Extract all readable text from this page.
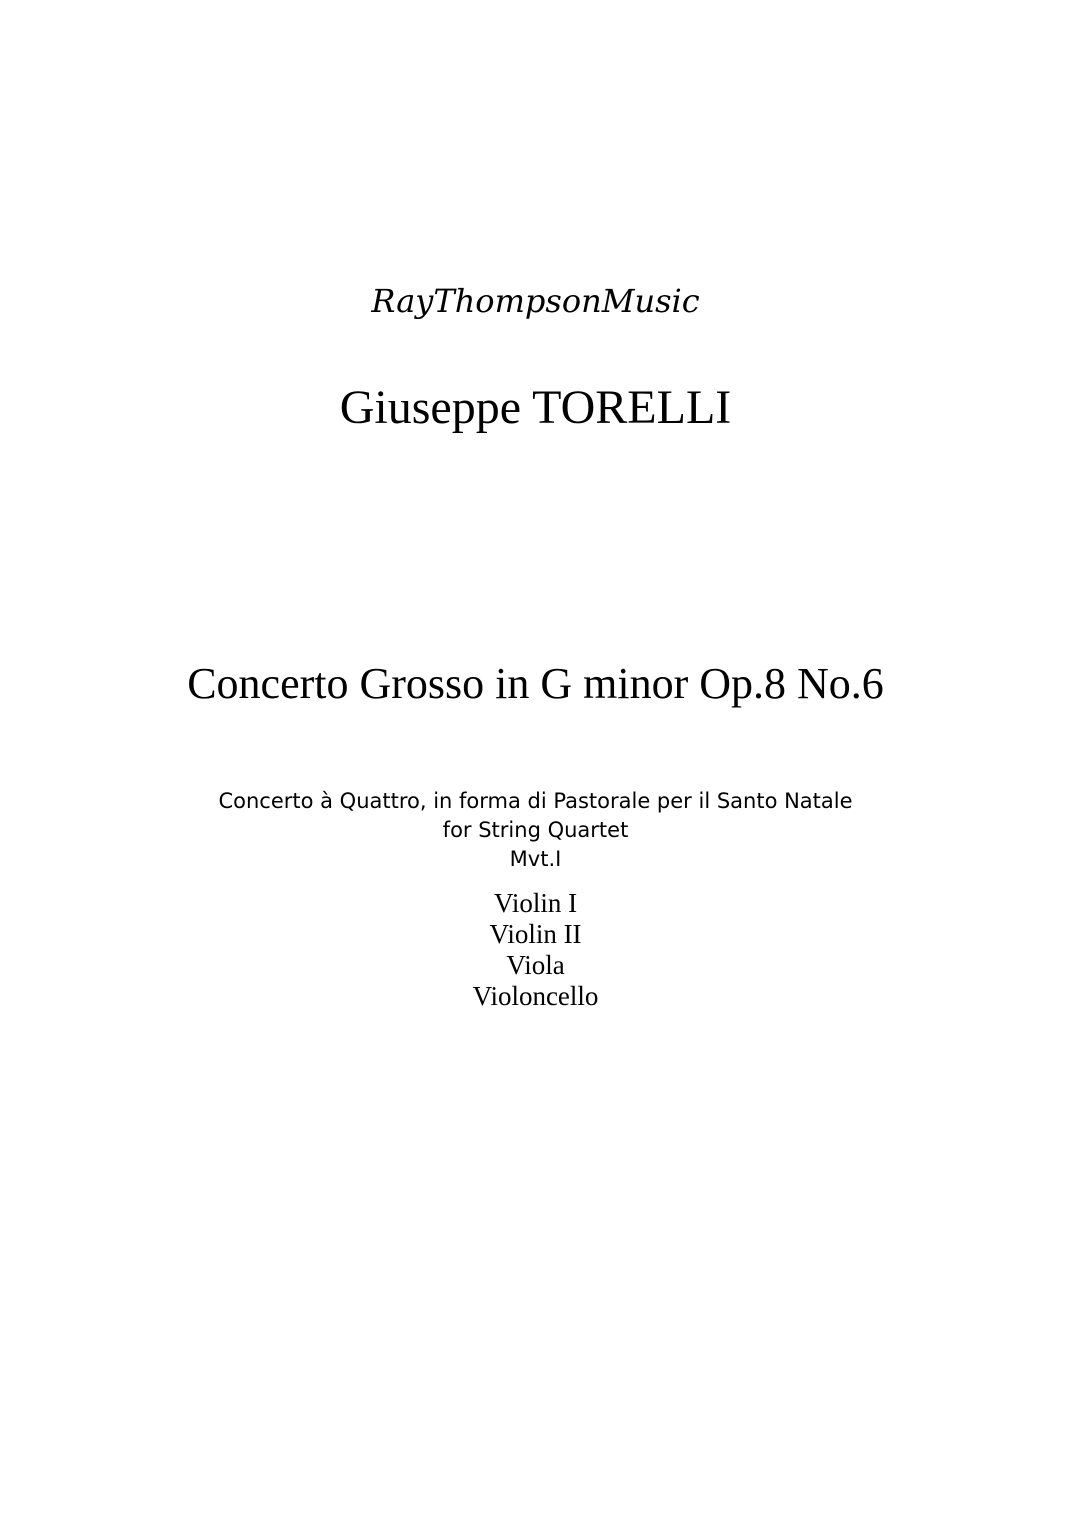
RayThompsonMusic
Giuseppe TORELLI
Concerto Grosso in G minor Op.8 No.6
Concerto à Quattro, in forma di Pastorale per il Santo Natale
for String Quartet
Mvt.I
Violin I
Violin II
Viola
Violoncello
